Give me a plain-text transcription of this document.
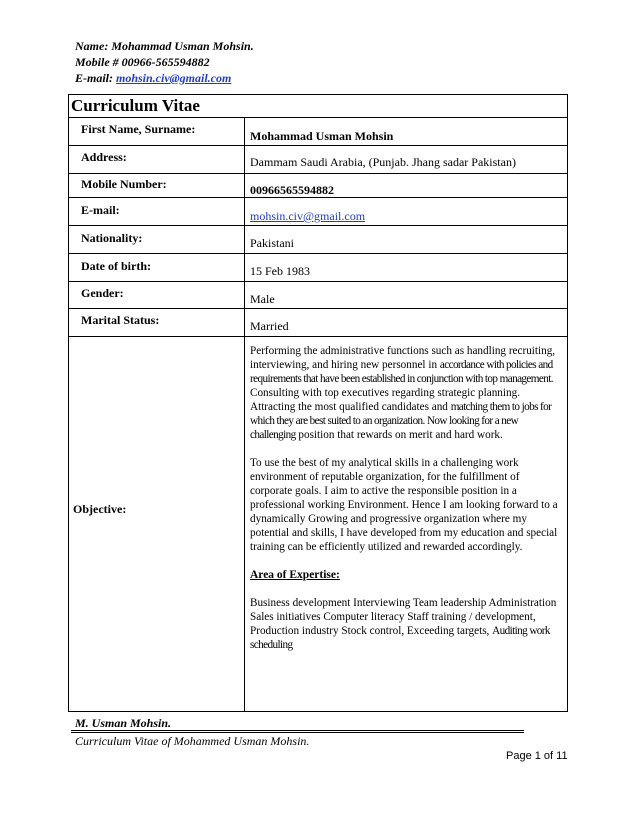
Name: Mohammad Usman Mohsin.
Mobile # 00966-565594882
E-mail: mohsin.civ@gmail.com
Curriculum Vitae
First Name, Surname:	Mohammad Usman Mohsin
Address:	Dammam Saudi Arabia, (Punjab. Jhang sadar Pakistan)
Mobile Number:	00966565594882
E-mail:	mohsin.civ@gmail.com
Nationality:	Pakistani
Date of birth:	15 Feb 1983
Gender:	Male
Marital Status:	Married
Objective:

Performing the administrative functions such as handling recruiting, interviewing, and hiring new personnel in accordance with policies and requirements that have been established in conjunction with top management. Consulting with top executives regarding strategic planning. Attracting the most qualified candidates and matching them to jobs for which they are best suited to an organization. Now looking for a new challenging position that rewards on merit and hard work.

To use the best of my analytical skills in a challenging work environment of reputable organization, for the fulfillment of corporate goals. I aim to active the responsible position in a professional working Environment. Hence I am looking forward to a dynamically Growing and progressive organization where my potential and skills, I have developed from my education and special training can be efficiently utilized and rewarded accordingly.

Area of Expertise:

Business development Interviewing Team leadership Administration Sales initiatives Computer literacy Staff training / development, Production industry Stock control, Exceeding targets, Auditing work scheduling

M. Usman Mohsin.
Curriculum Vitae of Mohammed Usman Mohsin.
Page 1 of 11
